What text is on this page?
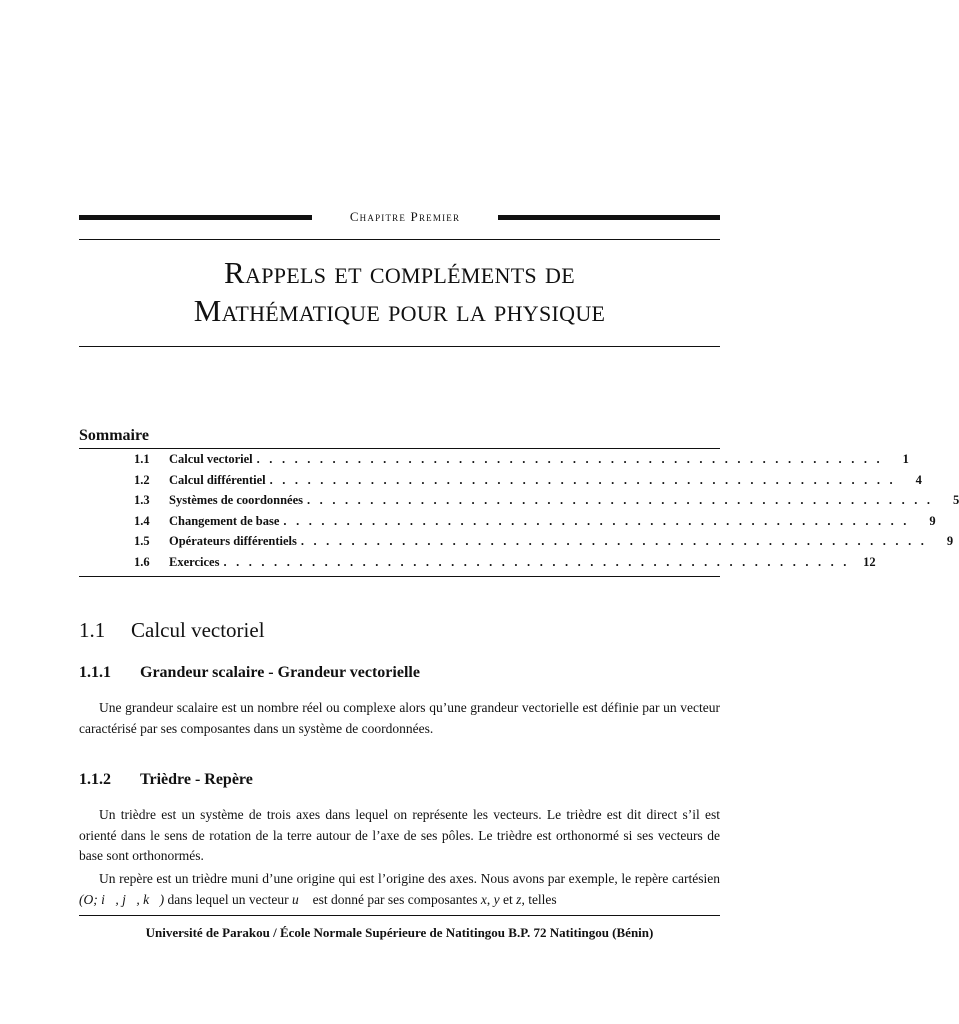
Chapitre Premier
Rappels et compléments de
Mathématique pour la physique
Sommaire
1.1	Calcul vectoriel . . . . . . . . . . . . . . . . . . . . . . . . . . . . . . . . . . . . . . . . . . . . . . . . . .	1
1.2	Calcul différentiel . . . . . . . . . . . . . . . . . . . . . . . . . . . . . . . . . . . . . . . . . . . . . . . . . .	4
1.3	Systèmes de coordonnées . . . . . . . . . . . . . . . . . . . . . . . . . . . . . . . . . . . . . . . . . . . . . . . . . .	5
1.4	Changement de base . . . . . . . . . . . . . . . . . . . . . . . . . . . . . . . . . . . . . . . . . . . . . . . . . .	9
1.5	Opérateurs différentiels . . . . . . . . . . . . . . . . . . . . . . . . . . . . . . . . . . . . . . . . . . . . . . . . . .	9
1.6	Exercices . . . . . . . . . . . . . . . . . . . . . . . . . . . . . . . . . . . . . . . . . . . . . . . . . .	12
1.1 Calcul vectoriel
1.1.1 Grandeur scalaire - Grandeur vectorielle
Une grandeur scalaire est un nombre réel ou complexe alors qu’une grandeur vectorielle est définie par un vecteur caractérisé par ses composantes dans un système de coordonnées.
1.1.2 Trièdre - Repère
Un trièdre est un système de trois axes dans lequel on représente les vecteurs. Le trièdre est dit direct s’il est orienté dans le sens de rotation de la terre autour de l’axe de ses pôles. Le trièdre est orthonormé si ses vecteurs de base sont orthonormés.
Un repère est un trièdre muni d’une origine qui est l’origine des axes. Nous avons par exemple, le repère cartésien (O; i⃗, j⃗, k⃗) dans lequel un vecteur u⃗ est donné par ses composantes x, y et z, telles
Université de Parakou / École Normale Supérieure de Natitingou B.P. 72 Natitingou (Bénin)
